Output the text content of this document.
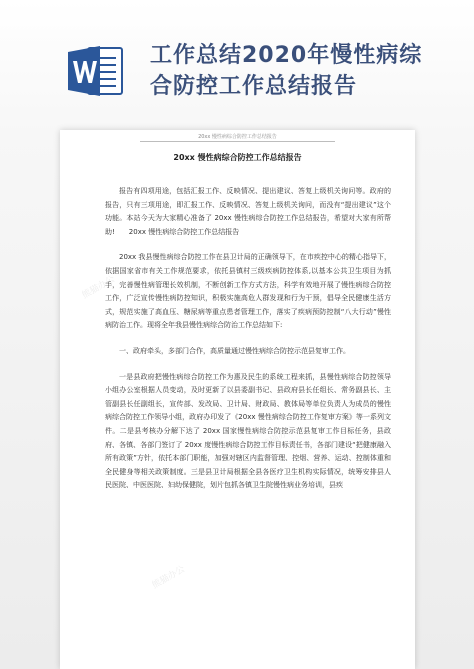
工作总结2020年慢性病综
合防控工作总结报告
熊猫办公
熊猫办公
熊猫办公
20xx 慢性病综合防控工作总结报告
20xx 慢性病综合防控工作总结报告

报告有四项用途，包括汇报工作、反映情况、提出建议、答复上级机关询问等。政府的报告，只有三项用途，即汇报工作、反映情况、答复上级机关询问，而没有“提出建议”这个功能。本站今天为大家精心准备了 20xx 慢性病综合防控工作总结报告，希望对大家有所帮助!　　20xx 慢性病综合防控工作总结报告

20xx 我县慢性病综合防控工作在县卫计局的正确领导下，在市疾控中心的精心指导下，依据国家省市有关工作规范要求，依托县镇村三级疾病防控体系,以基本公共卫生项目为抓手，完善慢性病管理长效机制，不断创新工作方式方法，科学有效地开展了慢性病综合防控工作，广泛宣传慢性病防控知识，积极实施高危人群发现和行为干预，倡导全民健康生活方式，规范实施了高血压、糖尿病等重点患者管理工作，落实了疾病预防控制“八大行动”慢性病防治工作。现将全年我县慢性病综合防治工作总结如下:

一、政府牵头，多部门合作，高质量通过慢性病综合防控示范县复审工作。

一是县政府把慢性病综合防控工作为惠及民生的系统工程来抓，县慢性病综合防控领导小组办公室根据人员变动，及时更新了以县委副书记、县政府县长任组长、常务副县长、主管副县长任副组长，宣传部、发改局、卫计局、财政局、教体局等单位负责人为成员的慢性病综合防控工作领导小组，政府办印发了《20xx 慢性病综合防控工作复审方案》等一系列文件。二是县考核办分解下达了 20xx 国家慢性病综合防控示范县复审工作目标任务，县政府、各镇、各部门签订了 20xx 度慢性病综合防控工作目标责任书，各部门建设“把健康融入所有政策”方针，依托本部门职能，加强对辖区内监督管理、控烟、营养、运动、控制体重和全民健身等相关政策制度。三是县卫计局根据全县各医疗卫生机构实际情况，统筹安排县人民医院、中医医院、妇幼保健院，划片包抓各镇卫生院慢性病业务培训，县疾
